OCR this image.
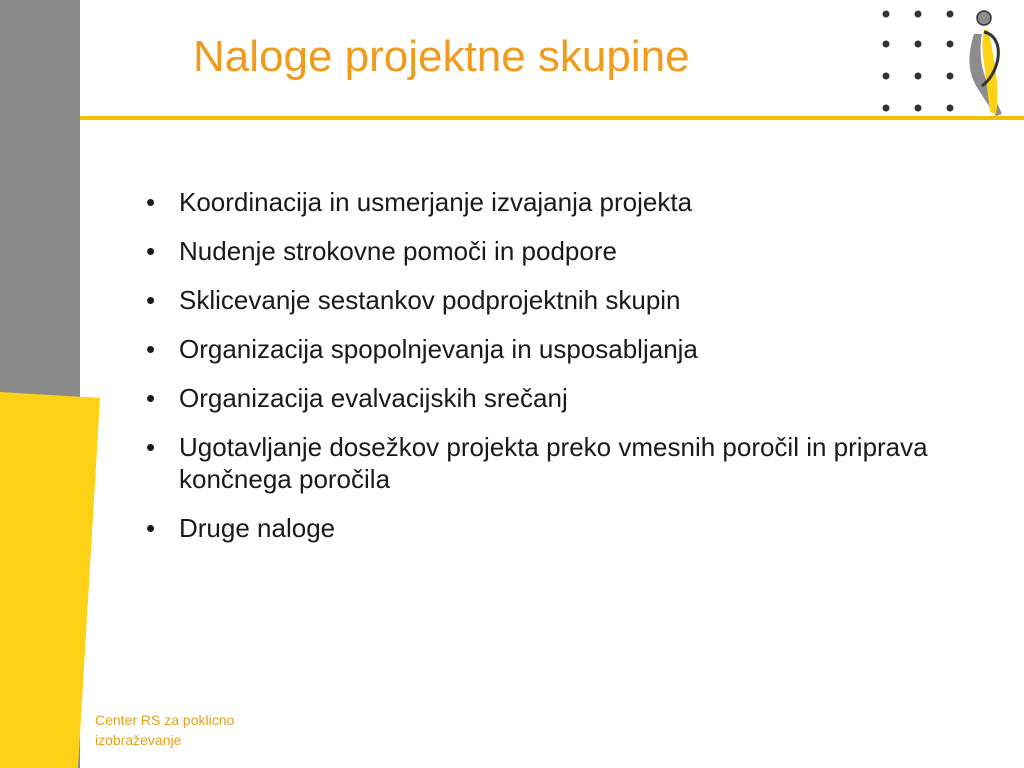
Naloge projektne skupine
• Koordinacija in usmerjanje izvajanja projekta
• Nudenje strokovne pomoči in podpore
• Sklicevanje sestankov podprojektnih skupin
• Organizacija spopolnjevanja in usposabljanja
• Organizacija evalvacijskih srečanj
• Ugotavljanje dosežkov projekta preko vmesnih poročil in priprava končnega poročila
• Druge naloge
Center RS za poklicno
izobraževanje
